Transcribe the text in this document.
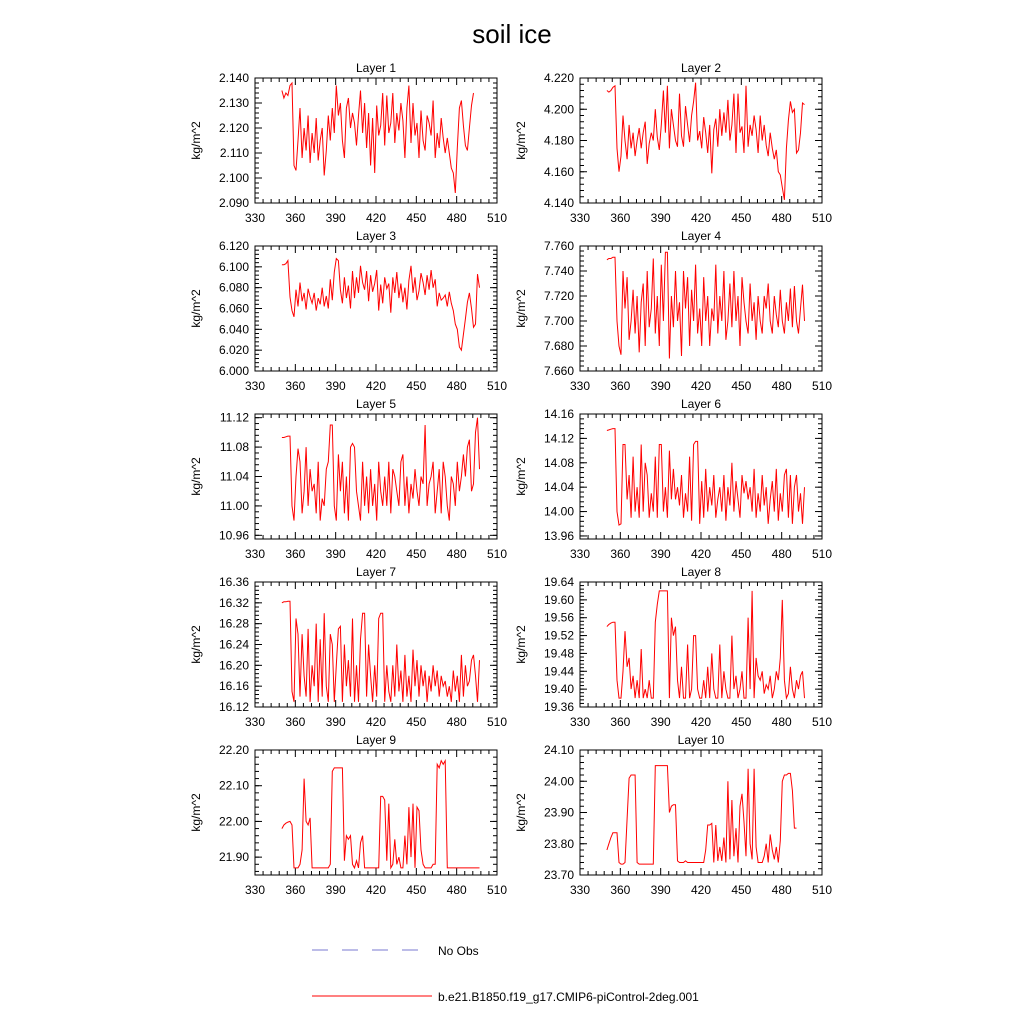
soil ice
Layer 1
kg/m^2
330 360 390 420 450 480 510
2.090
2.100
2.110
2.120
2.130
2.140
Layer 2
kg/m^2
330 360 390 420 450 480 510
4.140
4.160
4.180
4.200
4.220
Layer 3
kg/m^2
330 360 390 420 450 480 510
6.000
6.020
6.040
6.060
6.080
6.100
6.120
Layer 4
kg/m^2
330 360 390 420 450 480 510
7.660
7.680
7.700
7.720
7.740
7.760
Layer 5
kg/m^2
330 360 390 420 450 480 510
10.96
11.00
11.04
11.08
11.12
Layer 6
kg/m^2
330 360 390 420 450 480 510
13.96
14.00
14.04
14.08
14.12
14.16
Layer 7
kg/m^2
330 360 390 420 450 480 510
16.12
16.16
16.20
16.24
16.28
16.32
16.36
Layer 8
kg/m^2
330 360 390 420 450 480 510
19.36
19.40
19.44
19.48
19.52
19.56
19.60
19.64
Layer 9
kg/m^2
330 360 390 420 450 480 510
21.90
22.00
22.10
22.20
Layer 10
kg/m^2
330 360 390 420 450 480 510
23.70
23.80
23.90
24.00
24.10
No Obs
b.e21.B1850.f19_g17.CMIP6-piControl-2deg.001
